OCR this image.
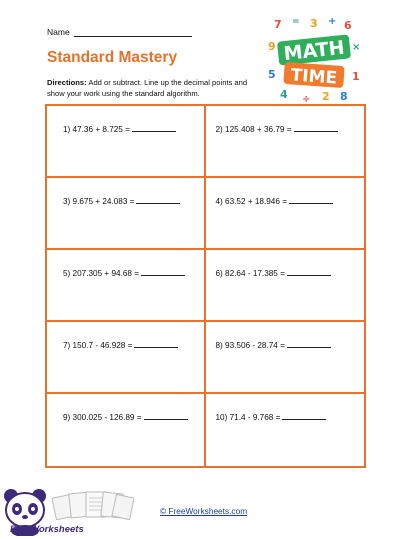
Name
Standard Mastery
Directions: Add or subtract. Line up the decimal points and show your work using the standard algorithm.
7 = 3 + 6
9	×
5	1
4 ÷ 2 8
MATH
TIME
1) 47.36 + 8.725 =	2) 125.408 + 36.79 =
3) 9.675 + 24.083 =	4) 63.52 + 18.946 =
5) 207.305 + 94.68 =	6) 82.64 - 17.385 =
7) 150.7 - 46.928 =	8) 93.506 - 28.74 =
9) 300.025 - 126.89 =	10) 71.4 - 9.768 =
FreeWorksheets
© FreeWorksheets.com
